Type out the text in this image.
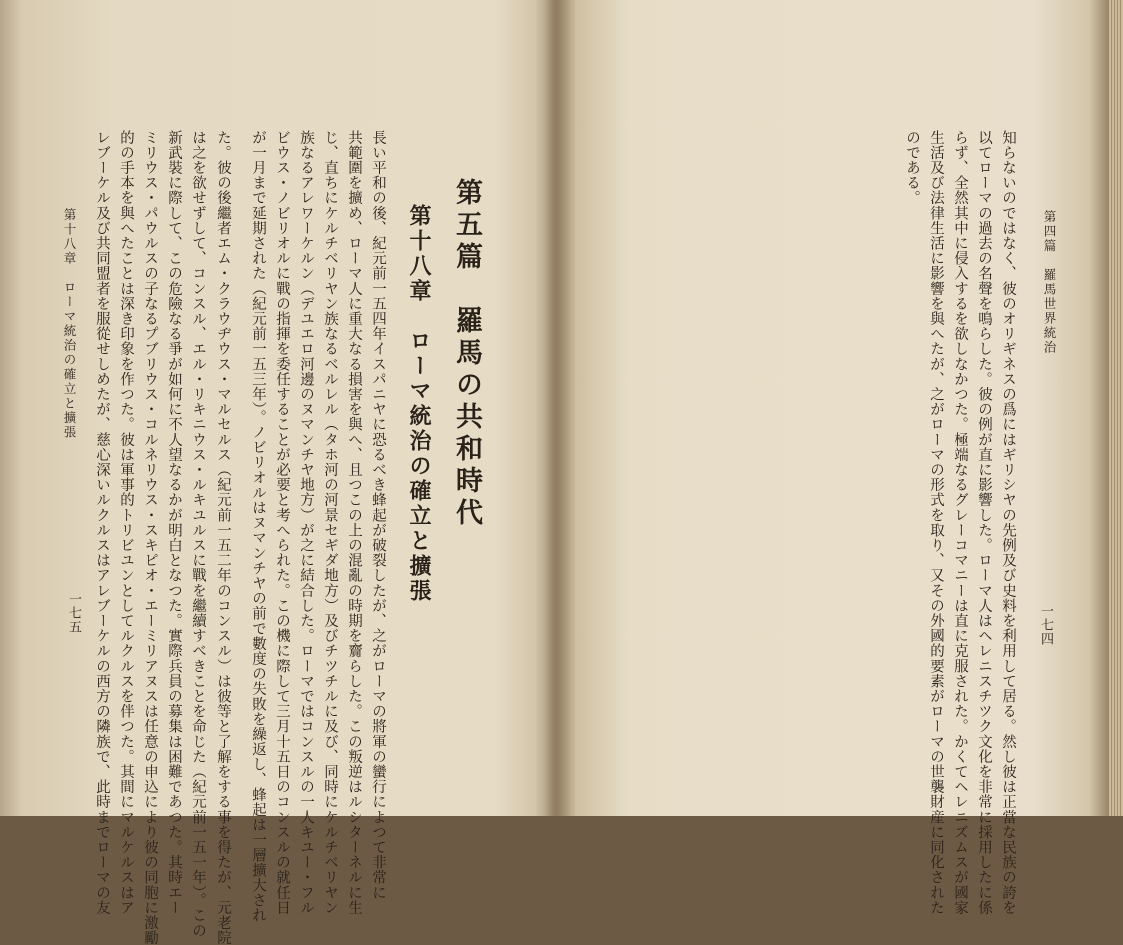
第十八章　ローマ統治の確立と擴張
一七五 レブーケル及び共同盟者を服從せしめたが、慈心深いルクルスはアレブーケルの西方の隣族で、此時までローマの友 的の手本を與へたことは深き印象を作つた。彼は軍事的トリビユンとしてルクルスを伴つた。其間にマルケルスはア ミリウス・パウルスの子なるプブリウス・コルネリウス・スキピオ・エーミリアヌスは任意の申込により彼の同胞に激勵 新武裝に際して、この危險なる爭が如何に不人望なるかが明白となつた。實際兵員の募集は困難であつた。其時エー は之を欲せずして、コンスル、エル・リキニウス・ルキユルスに戰を繼續すべきことを命じた（紀元前一五一年）。この た。彼の後繼者エム・クラウヂウス・マルセルス（紀元前一五二年のコンスル）は彼等と了解をする事を得たが、元老院	が一月まで延期された（紀元前一五三年）。ノビリオルはヌマンチヤの前で數度の失敗を繰返し、蜂起は一層擴大され ビウス・ノビリオルに戰の指揮を委任することが必要と考へられた。この機に際して三月十五日のコンスルの就任日 族なるアレワーケルン（デユエロ河邊のヌマンチヤ地方）が之に結合した。ローマではコンスルの一人キユー・フル じ、直ちにケルチベリヤン族なるベルレル（タホ河の河景セギダ地方）及びチツチルに及び、同時にケルチベリヤン 共範圍を擴め、ローマ人に重大なる損害を與へ、且つこの上の混亂の時期を齎らした。この叛逆はルシターネルに生 長い平和の後、紀元前一五四年イスパニヤに恐るべき蜂起が破裂したが、之がローマの將軍の蠻行によつて非常に 第十八章　ローマ統治の確立と擴張 第五篇　羅馬の共和時代
のである。 生活及び法律生活に影響を與へたが、之がローマの形式を取り、又その外國的要素がローマの世襲財産に同化された らず、全然其中に侵入するを欲しなかつた。極端なるグレーコマニーは直に克服された。かくてヘレニズムスが國家 以てローマの過去の名聲を鳴らした。彼の例が直に影響した。ローマ人はヘレニスチツク文化を非常に採用したに係 知らないのではなく、彼のオリギネスの爲にはギリシヤの先例及び史料を利用して居る。然し彼は正當な民族の誇を	第四篇　羅馬世界統治
一七四
